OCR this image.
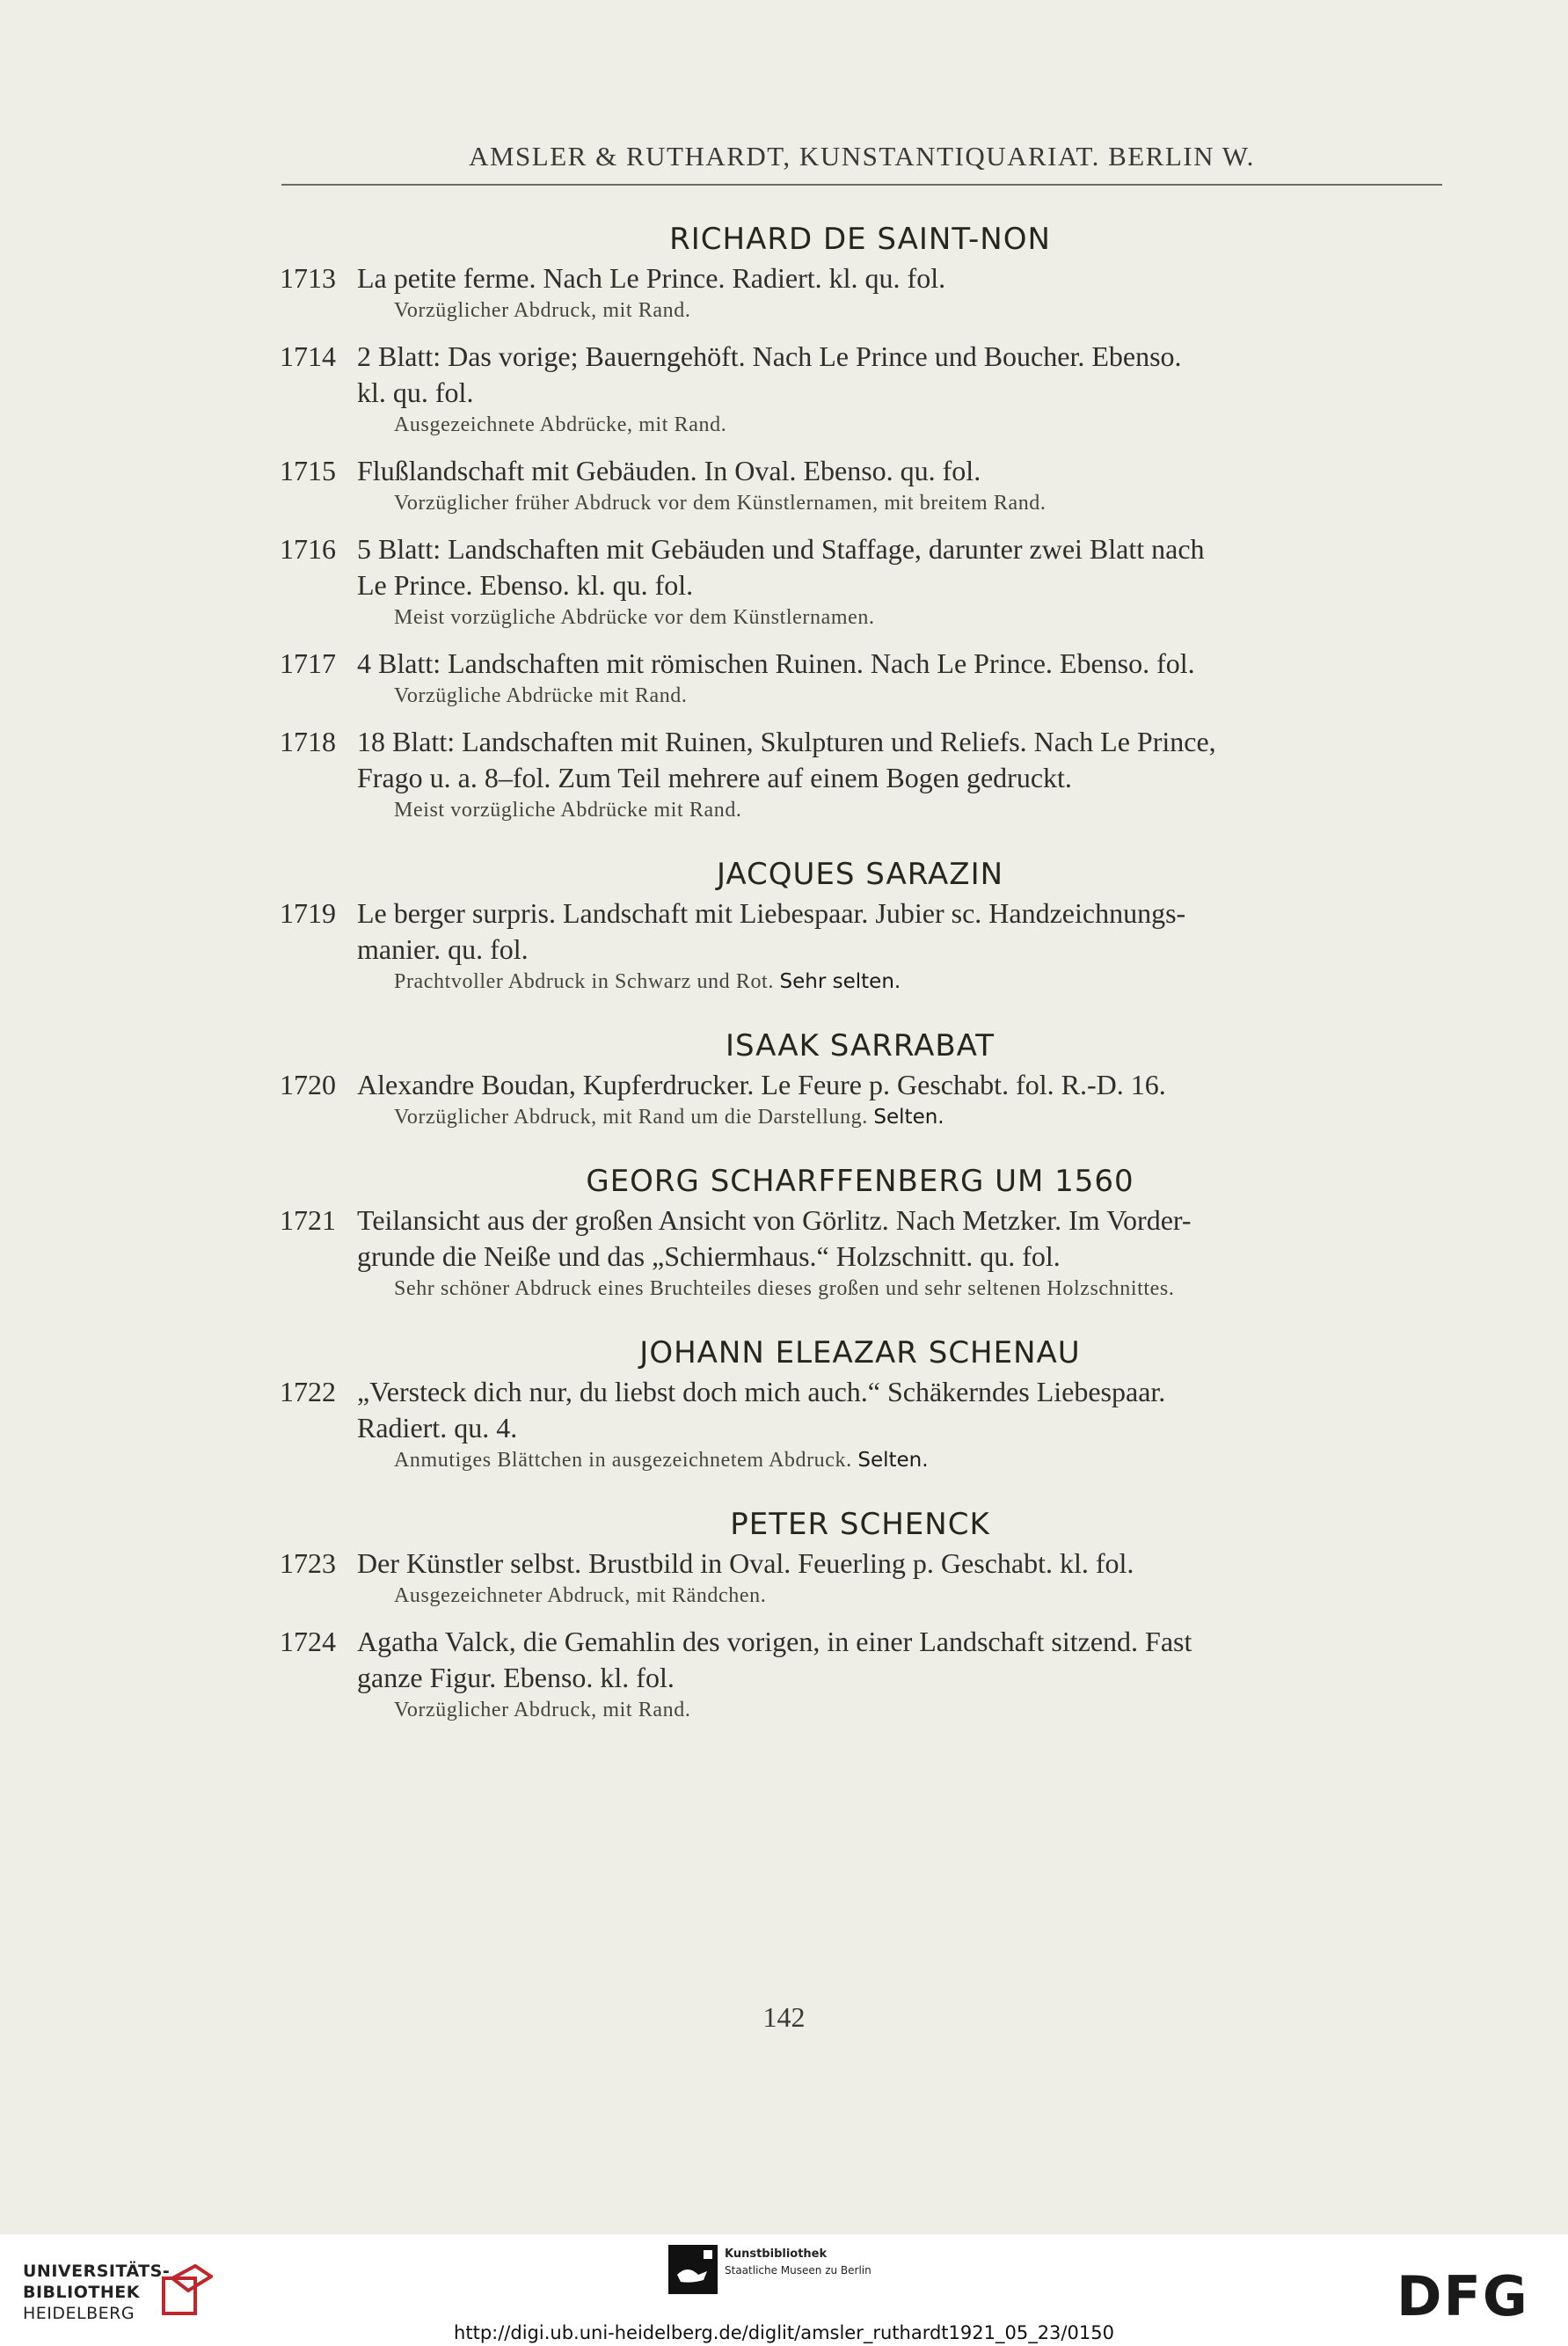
AMSLER & RUTHARDT, KUNSTANTIQUARIAT. BERLIN W.
RICHARD DE SAINT-NON
1713 La petite ferme. Nach Le Prince. Radiert. kl. qu. fol.
Vorzüglicher Abdruck, mit Rand.
1714 2 Blatt: Das vorige; Bauerngehöft. Nach Le Prince und Boucher. Ebenso.
kl. qu. fol.
Ausgezeichnete Abdrücke, mit Rand.
1715 Flußlandschaft mit Gebäuden. In Oval. Ebenso. qu. fol.
Vorzüglicher früher Abdruck vor dem Künstlernamen, mit breitem Rand.
1716 5 Blatt: Landschaften mit Gebäuden und Staffage, darunter zwei Blatt nach
Le Prince. Ebenso. kl. qu. fol.
Meist vorzügliche Abdrücke vor dem Künstlernamen.
1717 4 Blatt: Landschaften mit römischen Ruinen. Nach Le Prince. Ebenso. fol.
Vorzügliche Abdrücke mit Rand.
1718 18 Blatt: Landschaften mit Ruinen, Skulpturen und Reliefs. Nach Le Prince,
Frago u. a. 8–fol. Zum Teil mehrere auf einem Bogen gedruckt.
Meist vorzügliche Abdrücke mit Rand.
JACQUES SARAZIN
1719 Le berger surpris. Landschaft mit Liebespaar. Jubier sc. Handzeichnungs-
manier. qu. fol.
Prachtvoller Abdruck in Schwarz und Rot. Sehr selten.
ISAAK SARRABAT
1720 Alexandre Boudan, Kupferdrucker. Le Feure p. Geschabt. fol. R.-D. 16.
Vorzüglicher Abdruck, mit Rand um die Darstellung. Selten.
GEORG SCHARFFENBERG UM 1560
1721 Teilansicht aus der großen Ansicht von Görlitz. Nach Metzker. Im Vorder-
grunde die Neiße und das „Schiermhaus.“ Holzschnitt. qu. fol.
Sehr schöner Abdruck eines Bruchteiles dieses großen und sehr seltenen Holzschnittes.
JOHANN ELEAZAR SCHENAU
1722 „Versteck dich nur, du liebst doch mich auch.“ Schäkerndes Liebespaar.
Radiert. qu. 4.
Anmutiges Blättchen in ausgezeichnetem Abdruck. Selten.
PETER SCHENCK
1723 Der Künstler selbst. Brustbild in Oval. Feuerling p. Geschabt. kl. fol.
Ausgezeichneter Abdruck, mit Rändchen.
1724 Agatha Valck, die Gemahlin des vorigen, in einer Landschaft sitzend. Fast
ganze Figur. Ebenso. kl. fol.
Vorzüglicher Abdruck, mit Rand.
142
UNIVERSITÄTS-
BIBLIOTHEK
HEIDELBERG
Kunstbibliothek
Staatliche Museen zu Berlin	DFG
http://digi.ub.uni-heidelberg.de/diglit/amsler_ruthardt1921_05_23/0150
